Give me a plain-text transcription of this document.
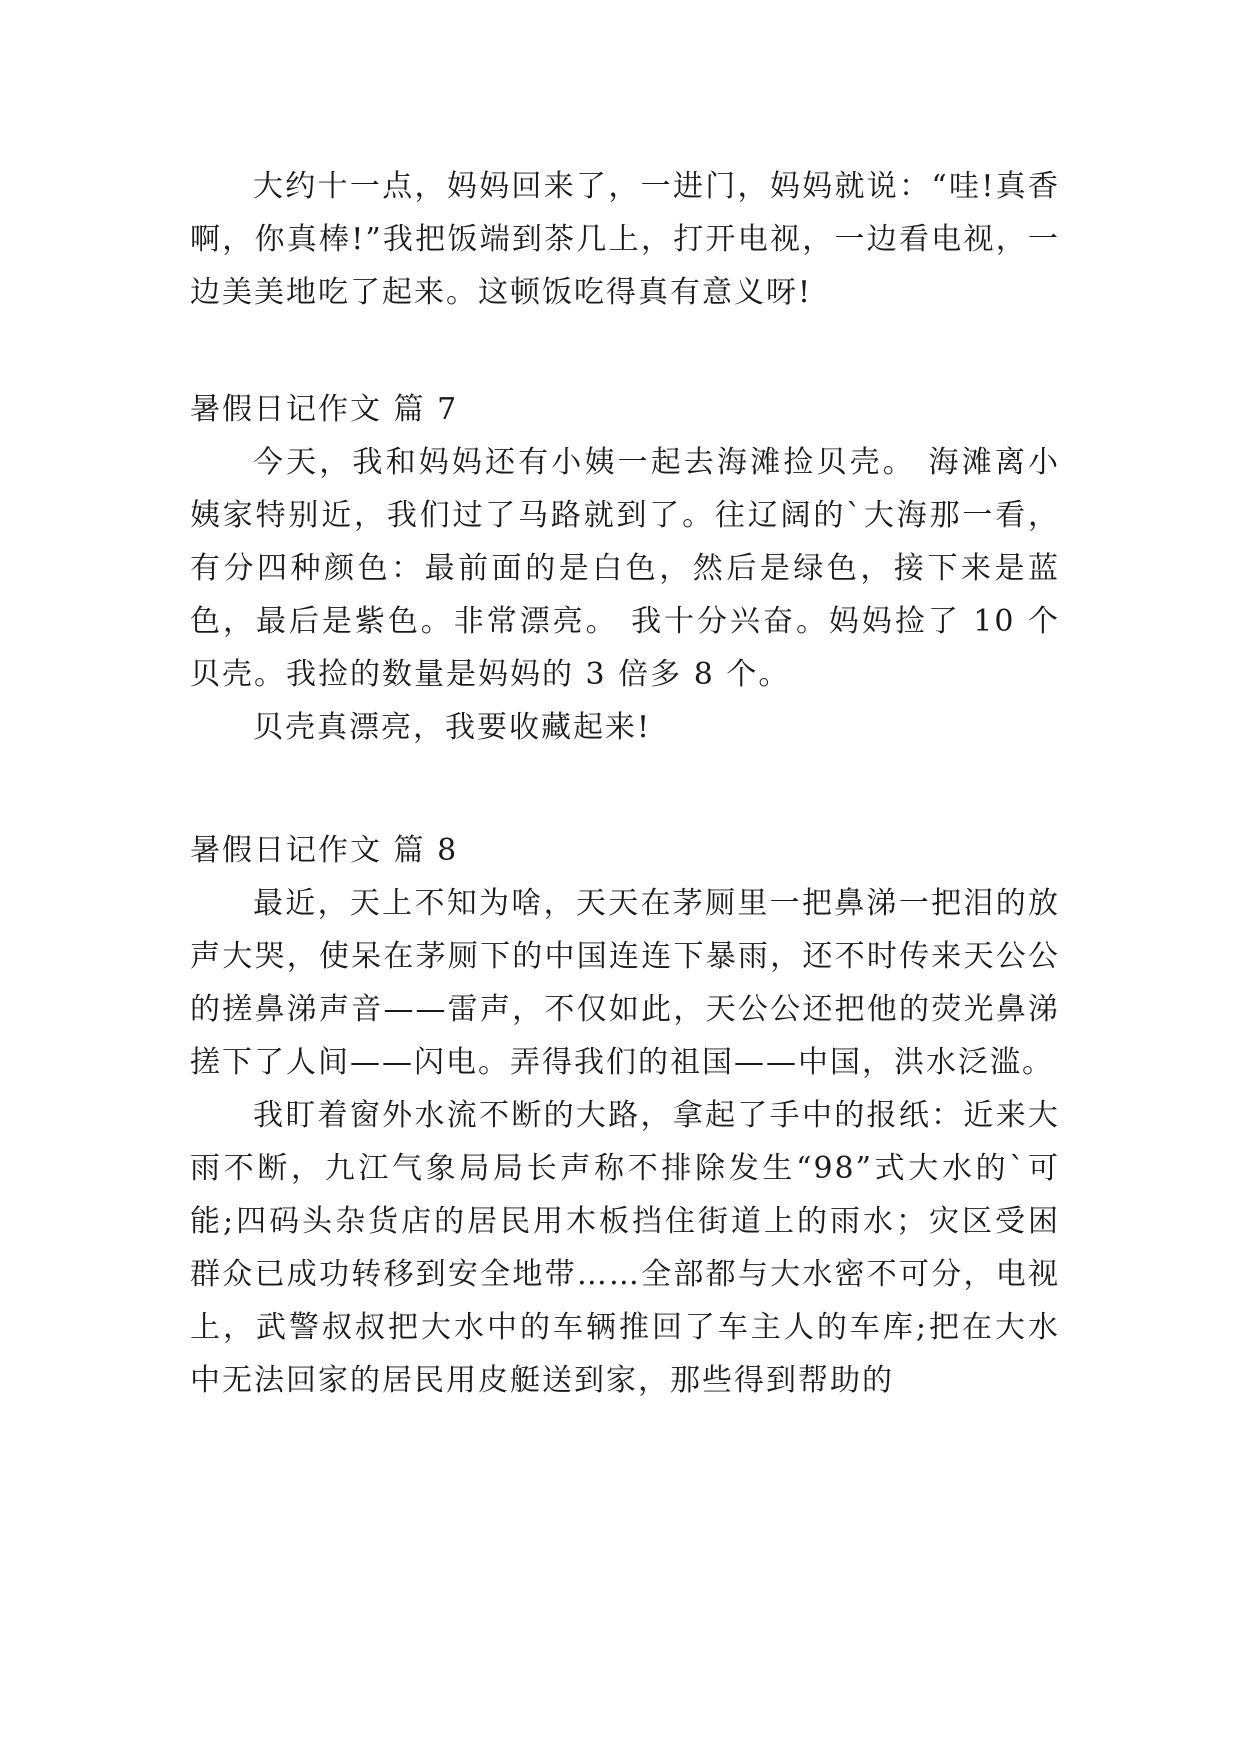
大约十一点，妈妈回来了，一进门，妈妈就说：“哇!真香啊，你真棒!”我把饭端到茶几上，打开电视，一边看电视，一边美美地吃了起来。这顿饭吃得真有意义呀!

暑假日记作文 篇 7

今天，我和妈妈还有小姨一起去海滩捡贝壳。 海滩离小姨家特别近，我们过了马路就到了。往辽阔的`大海那一看，有分四种颜色：最前面的是白色，然后是绿色，接下来是蓝色，最后是紫色。非常漂亮。 我十分兴奋。妈妈捡了 10 个贝壳。我捡的数量是妈妈的 3 倍多 8 个。

贝壳真漂亮，我要收藏起来!

暑假日记作文 篇 8

最近，天上不知为啥，天天在茅厕里一把鼻涕一把泪的放声大哭，使呆在茅厕下的中国连连下暴雨，还不时传来天公公的搓鼻涕声音——雷声，不仅如此，天公公还把他的荧光鼻涕搓下了人间——闪电。弄得我们的祖国——中国，洪水泛滥。

我盯着窗外水流不断的大路，拿起了手中的报纸：近来大雨不断，九江气象局局长声称不排除发生“98”式大水的`可能;四码头杂货店的居民用木板挡住街道上的雨水；灾区受困群众已成功转移到安全地带……全部都与大水密不可分，电视上，武警叔叔把大水中的车辆推回了车主人的车库;把在大水中无法回家的居民用皮艇送到家，那些得到帮助的
